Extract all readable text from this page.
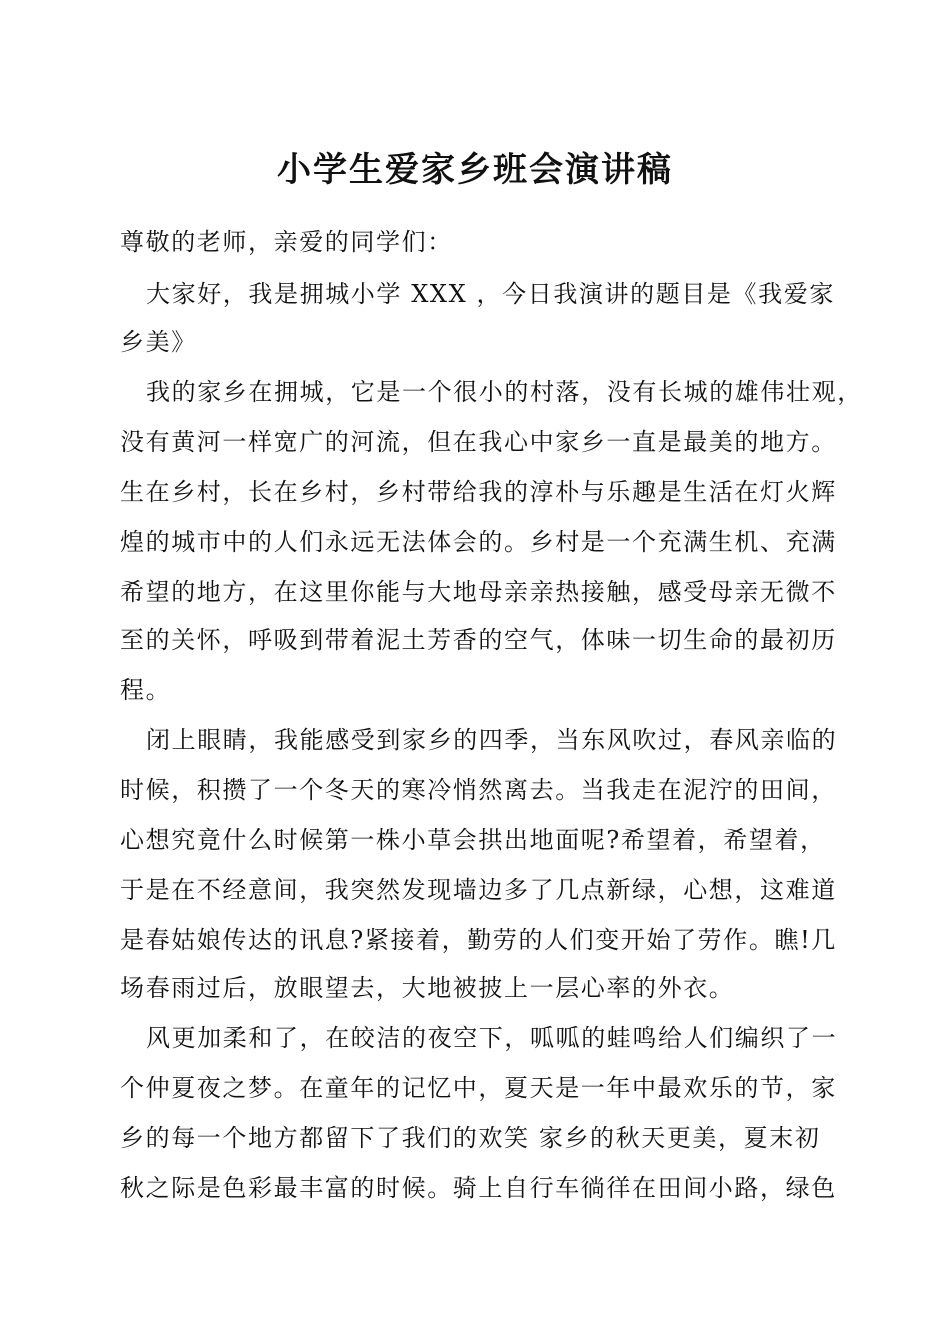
小学生爱家乡班会演讲稿

尊敬的老师，亲爱的同学们：

大家好，我是拥城小学 XXX ，今日我演讲的题目是《我爱家

乡美》

我的家乡在拥城，它是一个很小的村落，没有长城的雄伟壮观，

没有黄河一样宽广的河流，但在我心中家乡一直是最美的地方。

生在乡村，长在乡村，乡村带给我的淳朴与乐趣是生活在灯火辉

煌的城市中的人们永远无法体会的。乡村是一个充满生机、充满

希望的地方，在这里你能与大地母亲亲热接触，感受母亲无微不

至的关怀，呼吸到带着泥土芳香的空气，体味一切生命的最初历

程。

闭上眼睛，我能感受到家乡的四季，当东风吹过，春风亲临的

时候，积攒了一个冬天的寒冷悄然离去。当我走在泥泞的田间，

心想究竟什么时候第一株小草会拱出地面呢?希望着，希望着，

于是在不经意间，我突然发现墙边多了几点新绿，心想，这难道

是春姑娘传达的讯息?紧接着，勤劳的人们变开始了劳作。瞧!几

场春雨过后，放眼望去，大地被披上一层心率的外衣。

风更加柔和了，在皎洁的夜空下，呱呱的蛙鸣给人们编织了一

个仲夏夜之梦。在童年的记忆中，夏天是一年中最欢乐的节，家

乡的每一个地方都留下了我们的欢笑 家乡的秋天更美，夏末初

秋之际是色彩最丰富的时候。骑上自行车徜徉在田间小路，绿色
